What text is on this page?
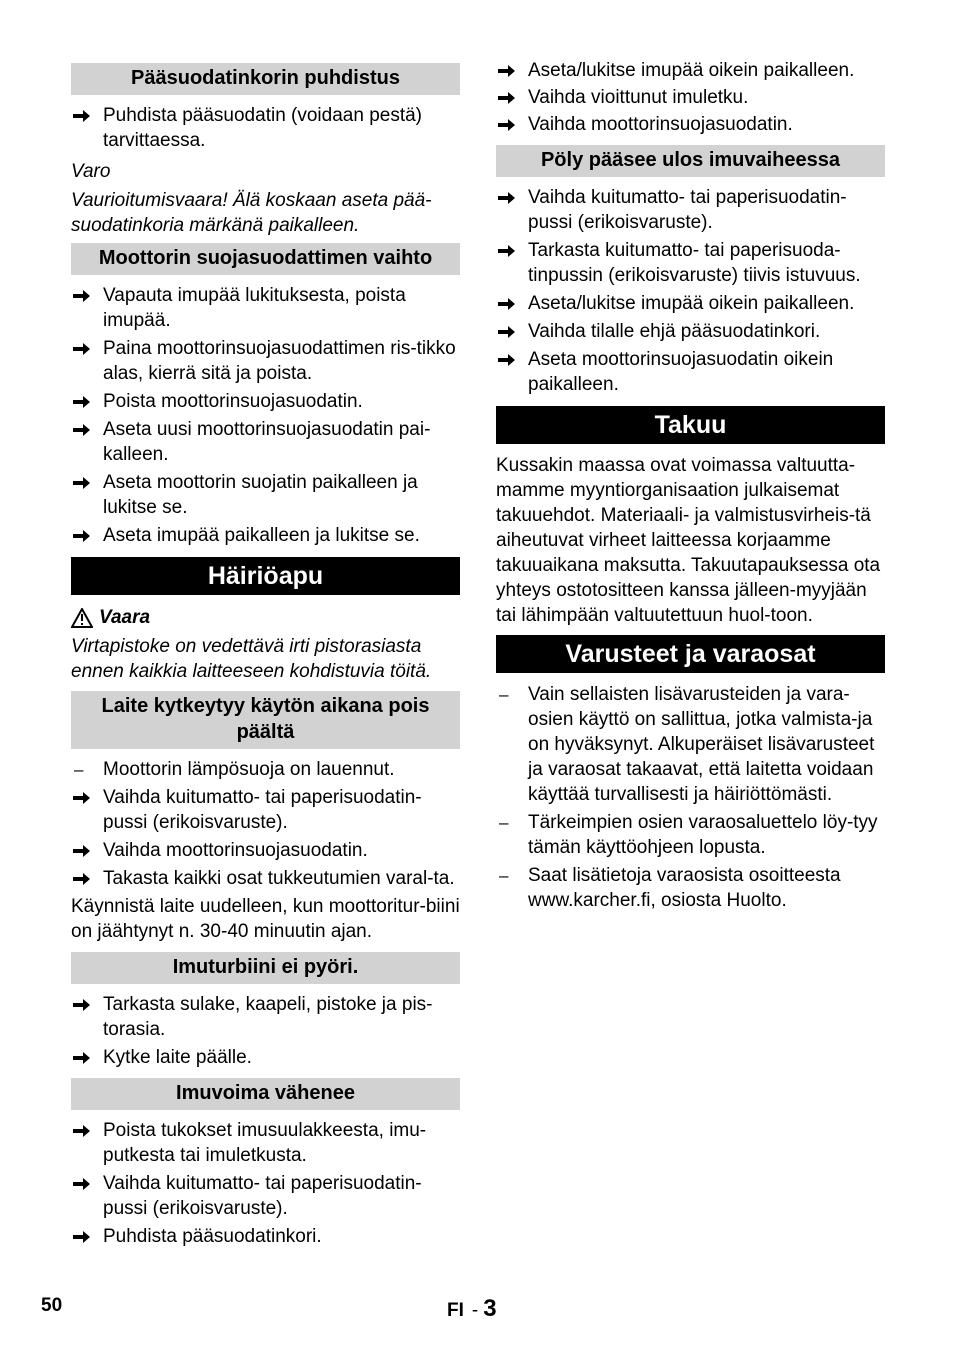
Pääsuodatinkorin puhdistus
Puhdista pääsuodatin (voidaan pestä) tarvittaessa.
Varo
Vaurioitumisvaara! Älä koskaan aseta pää-suodatinkoria märkänä paikalleen.
Moottorin suojasuodattimen vaihto
Vapauta imupää lukituksesta, poista imupää.
Paina moottorinsuojasuodattimen ris-tikko alas, kierrä sitä ja poista.
Poista moottorinsuojasuodatin.
Aseta uusi moottorinsuojasuodatin pai-kalleen.
Aseta moottorin suojatin paikalleen ja lukitse se.
Aseta imupää paikalleen ja lukitse se.
Häiriöapu
Vaara
Virtapistoke on vedettävä irti pistorasiasta ennen kaikkia laitteeseen kohdistuvia töitä.
Laite kytkeytyy käytön aikana pois päältä
– Moottorin lämpösuoja on lauennut.
Vaihda kuitumatto- tai paperisuodatin-pussi (erikoisvaruste).
Vaihda moottorinsuojasuodatin.
Takasta kaikki osat tukkeutumien varal-ta.
Käynnistä laite uudelleen, kun moottoritur-biini on jäähtynyt n. 30-40 minuutin ajan.
Imuturbiini ei pyöri.
Tarkasta sulake, kaapeli, pistoke ja pis-torasia.
Kytke laite päälle.
Imuvoima vähenee
Poista tukokset imusuulakkeesta, imu-putkesta tai imuletkusta.
Vaihda kuitumatto- tai paperisuodatin-pussi (erikoisvaruste).
Puhdista pääsuodatinkori.
Aseta/lukitse imupää oikein paikalleen.
Vaihda vioittunut imuletku.
Vaihda moottorinsuojasuodatin.
Pöly pääsee ulos imuvaiheessa
Vaihda kuitumatto- tai paperisuodatin-pussi (erikoisvaruste).
Tarkasta kuitumatto- tai paperisuoda-tinpussin (erikoisvaruste) tiivis istuvuus.
Aseta/lukitse imupää oikein paikalleen.
Vaihda tilalle ehjä pääsuodatinkori.
Aseta moottorinsuojasuodatin oikein paikalleen.
Takuu
Kussakin maassa ovat voimassa valtuutta-mamme myyntiorganisaation julkaisemat takuuehdot. Materiaali- ja valmistusvirheis-tä aiheutuvat virheet laitteessa korjaamme takuuaikana maksutta. Takuutapauksessa ota yhteys ostotositteen kanssa jälleen-myyjään tai lähimpään valtuutettuun huol-toon.
Varusteet ja varaosat
– Vain sellaisten lisävarusteiden ja vara-osien käyttö on sallittua, jotka valmista-ja on hyväksynyt. Alkuperäiset lisävarusteet ja varaosat takaavat, että laitetta voidaan käyttää turvallisesti ja häiriöttömästi.
– Tärkeimpien osien varaosaluettelo löy-tyy tämän käyttöohjeen lopusta.
– Saat lisätietoja varaosista osoitteesta www.karcher.fi, osiosta Huolto.
50	FI - 3
